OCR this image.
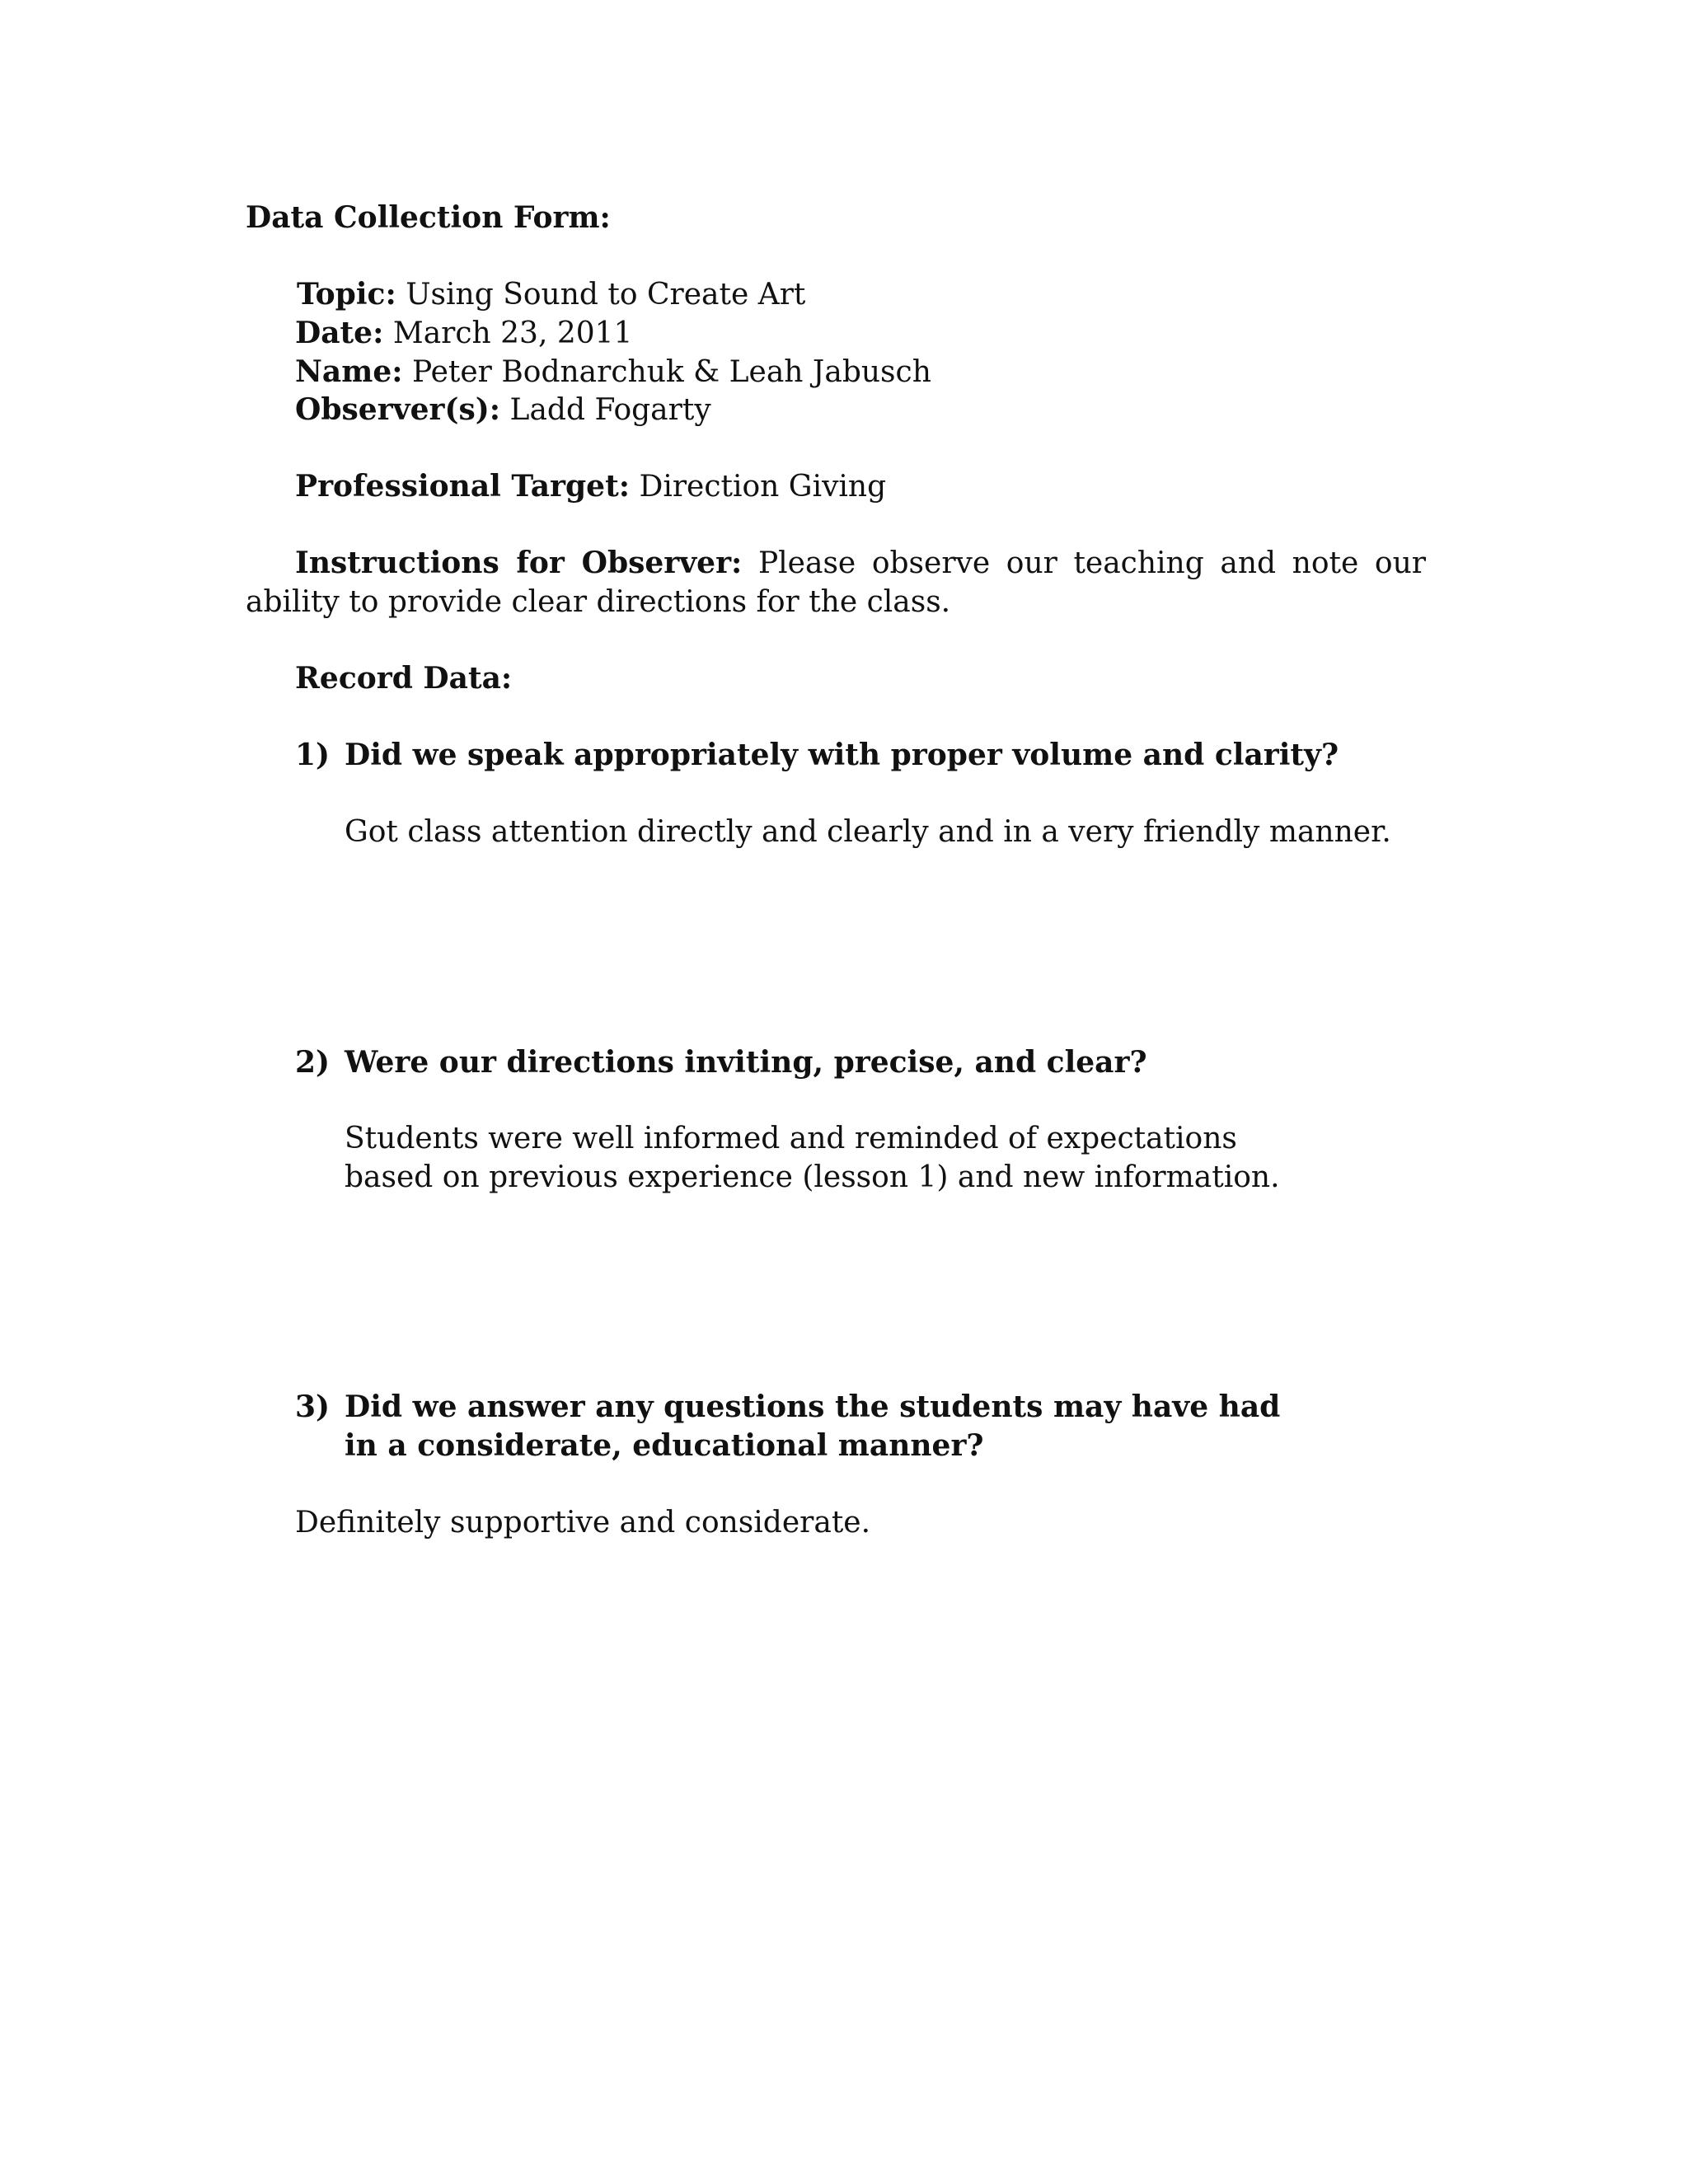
Data Collection Form:
Topic: Using Sound to Create Art
Date: March 23, 2011
Name: Peter Bodnarchuk & Leah Jabusch
Observer(s): Ladd Fogarty
Professional Target: Direction Giving
Instructions for Observer: Please observe our teaching and note our ability to provide clear directions for the class.
Record Data:
1) Did we speak appropriately with proper volume and clarity?
Got class attention directly and clearly and in a very friendly manner.
2) Were our directions inviting, precise, and clear?
Students were well informed and reminded of expectations based on previous experience (lesson 1) and new information.
3) Did we answer any questions the students may have had in a considerate, educational manner?
Definitely supportive and considerate.
